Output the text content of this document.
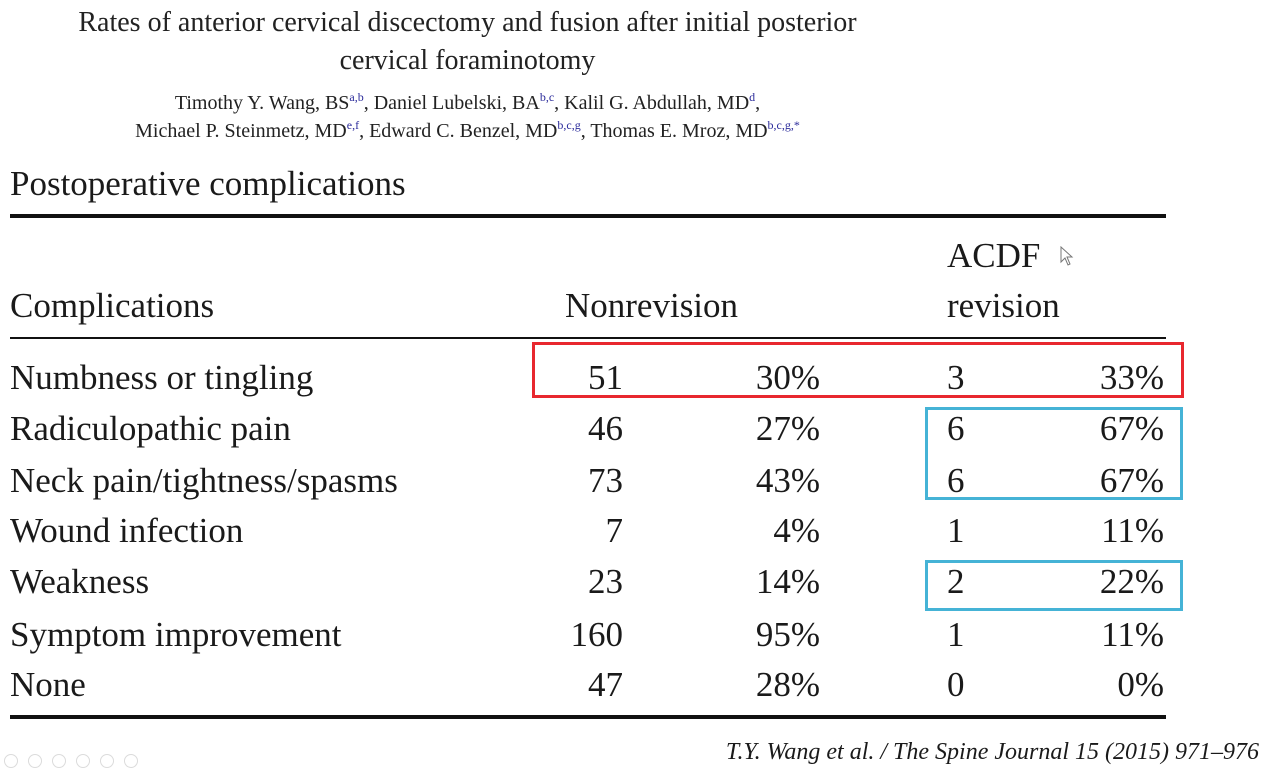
Rates of anterior cervical discectomy and fusion after initial posterior
cervical foraminotomy
Timothy Y. Wang, BS$^{a,b}$, Daniel Lubelski, BA$^{b,c}$, Kalil G. Abdullah, $MD^d$,
Michael P. Steinmetz, MD$^{e,f}$, Edward C. Benzel, MD$^{b,c,g}$, Thomas E. Mroz, $MD^{b,c,g,*}$
Postoperative complications
Complications	Nonrevision
ACDF
revision
Numbness or tingling	51	30%	3	33%
Radiculopathic pain	46	27%	6	67%
Neck pain/tightness/spasms	73	43%	6	67%
Wound infection	7	4%	1	11%
Weakness	23	14%	2	22%
Symptom improvement	160	95%	1	11%
None	47	28%	0	0%
T.Y. Wang et al. / The Spine Journal 15 (2015) 971–976
